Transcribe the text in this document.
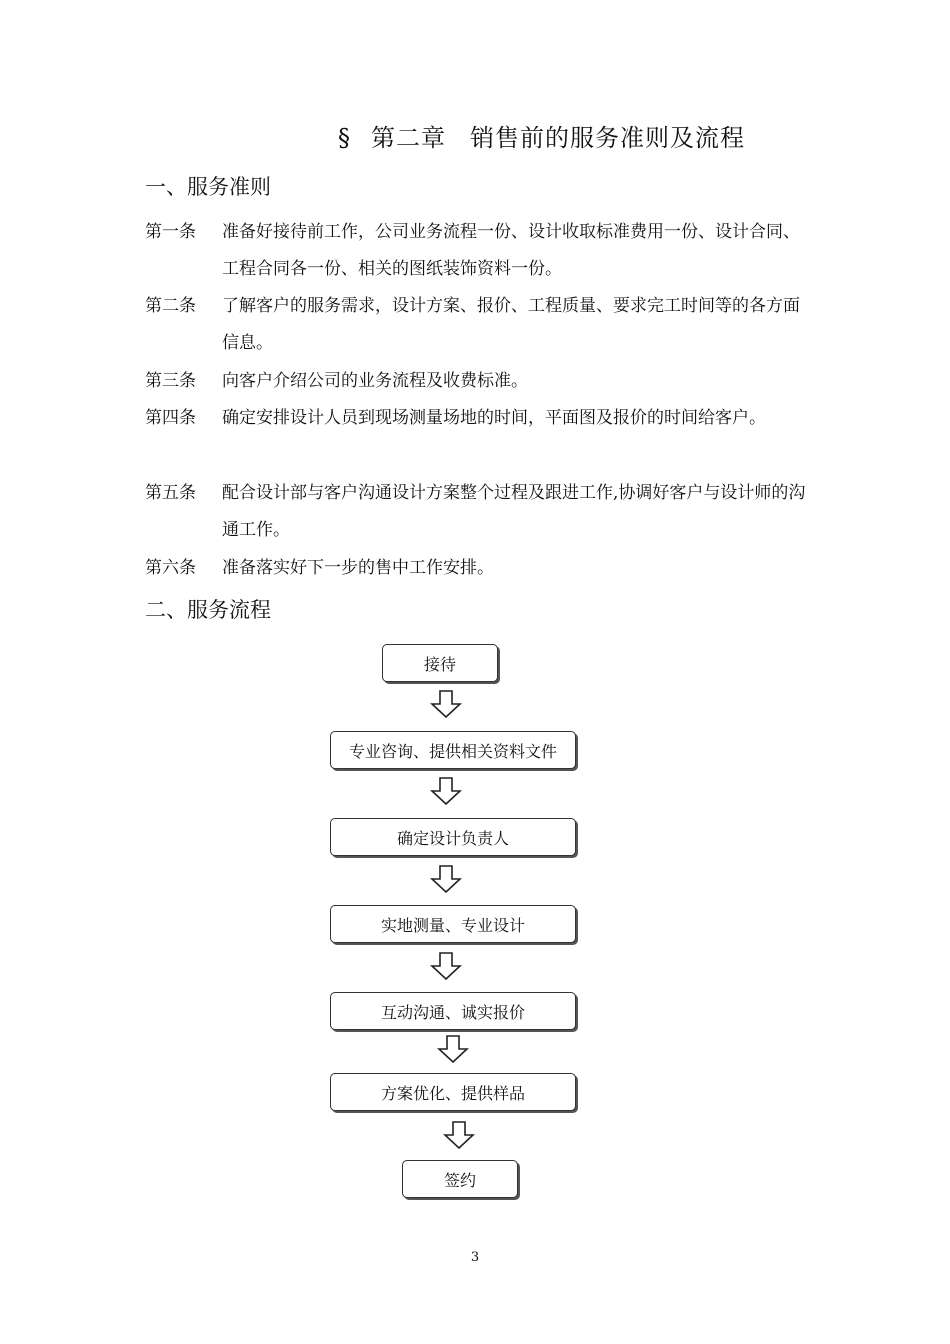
§ 第二章 销售前的服务准则及流程
一、服务准则
第一条 准备好接待前工作，公司业务流程一份、设计收取标准费用一份、设计合同、工程合同各一份、相关的图纸装饰资料一份。
第二条 了解客户的服务需求，设计方案、报价、工程质量、要求完工时间等的各方面信息。
第三条 向客户介绍公司的业务流程及收费标准。
第四条 确定安排设计人员到现场测量场地的时间，平面图及报价的时间给客户。
第五条 配合设计部与客户沟通设计方案整个过程及跟进工作,协调好客户与设计师的沟通工作。
第六条 准备落实好下一步的售中工作安排。
二、服务流程
接待
专业咨询、提供相关资料文件
确定设计负责人
实地测量、专业设计
互动沟通、诚实报价
方案优化、提供样品
签约
3
